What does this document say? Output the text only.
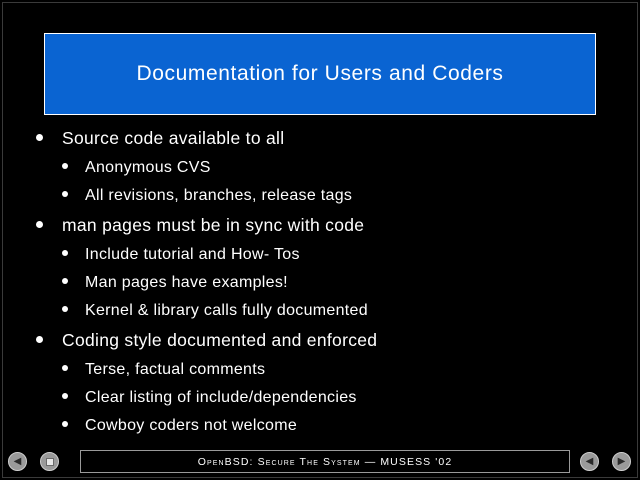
Documentation for Users and Coders
Source code available to all
Anonymous CVS
All revisions, branches, release tags
man pages must be in sync with code
Include tutorial and How- Tos
Man pages have examples!
Kernel & library calls fully documented
Coding style documented and enforced
Terse, factual comments
Clear listing of include/dependencies
Cowboy coders not welcome
◀	OpenBSD: Secure The System — MUSESS '02	◀ ▶
